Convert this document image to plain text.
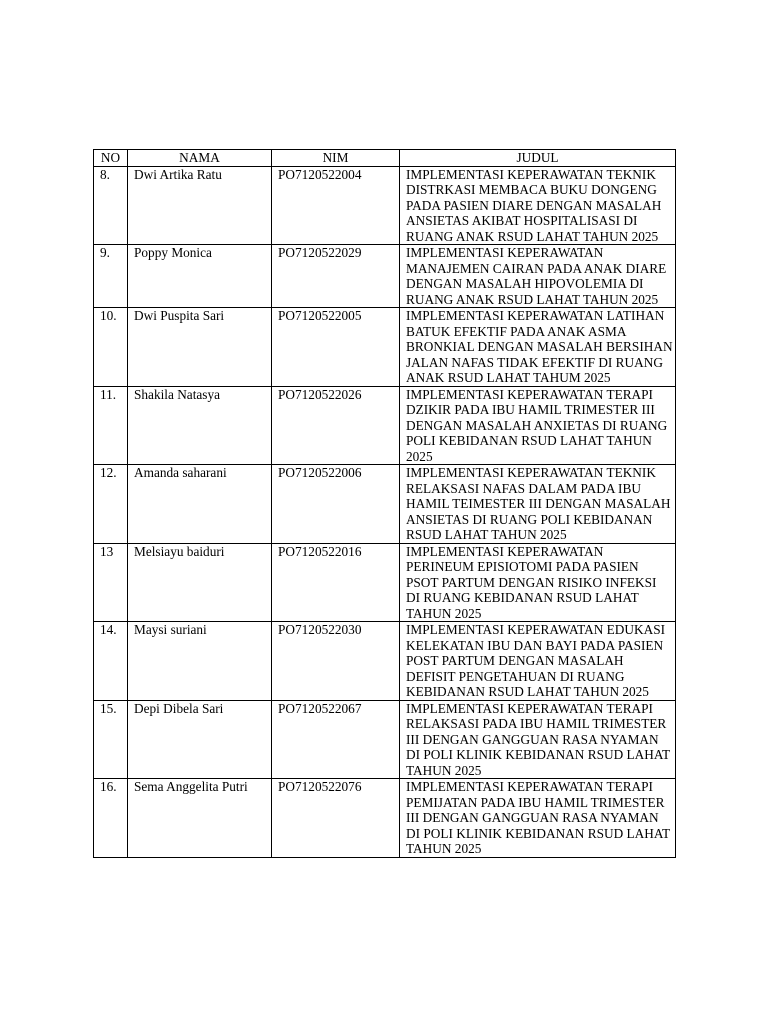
NO	NAMA	NIM	JUDUL
8.	Dwi Artika Ratu	PO7120522004	IMPLEMENTASI KEPERAWATAN TEKNIK DISTRKASI MEMBACA BUKU DONGENG PADA PASIEN DIARE DENGAN MASALAH ANSIETAS AKIBAT HOSPITALISASI DI RUANG ANAK RSUD LAHAT TAHUN 2025
9.	Poppy Monica	PO7120522029	IMPLEMENTASI KEPERAWATAN MANAJEMEN CAIRAN PADA ANAK DIARE DENGAN MASALAH HIPOVOLEMIA DI RUANG ANAK RSUD LAHAT TAHUN 2025
10.	Dwi Puspita Sari	PO7120522005	IMPLEMENTASI KEPERAWATAN LATIHAN BATUK EFEKTIF PADA ANAK ASMA BRONKIAL DENGAN MASALAH BERSIHAN JALAN NAFAS TIDAK EFEKTIF DI RUANG ANAK RSUD LAHAT TAHUM 2025
11.	Shakila Natasya	PO7120522026	IMPLEMENTASI KEPERAWATAN TERAPI DZIKIR PADA IBU HAMIL TRIMESTER III DENGAN MASALAH ANXIETAS DI RUANG POLI KEBIDANAN RSUD LAHAT TAHUN 2025
12.	Amanda saharani	PO7120522006	IMPLEMENTASI KEPERAWATAN TEKNIK RELAKSASI NAFAS DALAM PADA IBU HAMIL TEIMESTER III DENGAN MASALAH ANSIETAS DI RUANG POLI KEBIDANAN RSUD LAHAT TAHUN 2025
13	Melsiayu baiduri	PO7120522016	IMPLEMENTASI KEPERAWATAN PERINEUM EPISIOTOMI PADA PASIEN PSOT PARTUM DENGAN RISIKO INFEKSI DI RUANG KEBIDANAN RSUD LAHAT TAHUN 2025
14.	Maysi suriani	PO7120522030	IMPLEMENTASI KEPERAWATAN EDUKASI KELEKATAN IBU DAN BAYI PADA PASIEN POST PARTUM DENGAN MASALAH DEFISIT PENGETAHUAN DI RUANG KEBIDANAN RSUD LAHAT TAHUN 2025
15.	Depi Dibela Sari	PO7120522067	IMPLEMENTASI KEPERAWATAN TERAPI RELAKSASI PADA IBU HAMIL TRIMESTER III DENGAN GANGGUAN RASA NYAMAN DI POLI KLINIK KEBIDANAN RSUD LAHAT TAHUN 2025
16.	Sema Anggelita Putri	PO7120522076	IMPLEMENTASI KEPERAWATAN TERAPI PEMIJATAN PADA IBU HAMIL TRIMESTER III DENGAN GANGGUAN RASA NYAMAN DI POLI KLINIK KEBIDANAN RSUD LAHAT TAHUN 2025
